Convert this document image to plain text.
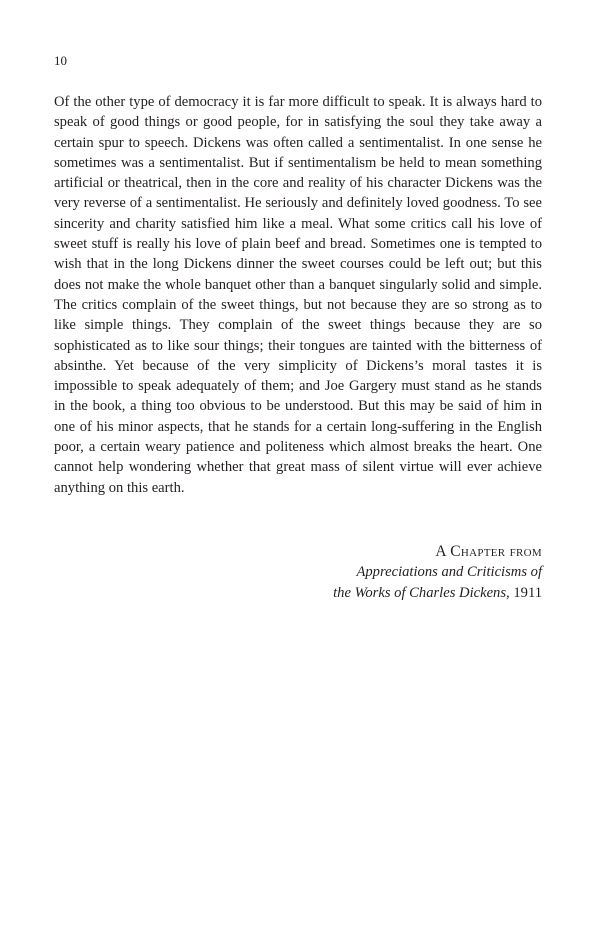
10

Of the other type of democracy it is far more difficult to speak. It is always hard to speak of good things or good people, for in satisfying the soul they take away a certain spur to speech. Dickens was often called a sentimentalist. In one sense he sometimes was a sentimentalist. But if sentimentalism be held to mean something artificial or theatrical, then in the core and reality of his character Dickens was the very reverse of a sentimentalist. He seriously and definitely loved goodness. To see sincerity and charity satisfied him like a meal. What some critics call his love of sweet stuff is really his love of plain beef and bread. Sometimes one is tempted to wish that in the long Dickens dinner the sweet courses could be left out; but this does not make the whole banquet other than a banquet singularly solid and simple. The critics complain of the sweet things, but not because they are so strong as to like simple things. They complain of the sweet things because they are so sophisticated as to like sour things; their tongues are tainted with the bitterness of absinthe. Yet because of the very simplicity of Dickens’s moral tastes it is impossible to speak adequately of them; and Joe Gargery must stand as he stands in the book, a thing too obvious to be understood. But this may be said of him in one of his minor aspects, that he stands for a certain long-suffering in the English poor, a certain weary patience and politeness which almost breaks the heart. One cannot help wondering whether that great mass of silent virtue will ever achieve anything on this earth.

A Chapter from
Appreciations and Criticisms of
the Works of Charles Dickens, 1911
